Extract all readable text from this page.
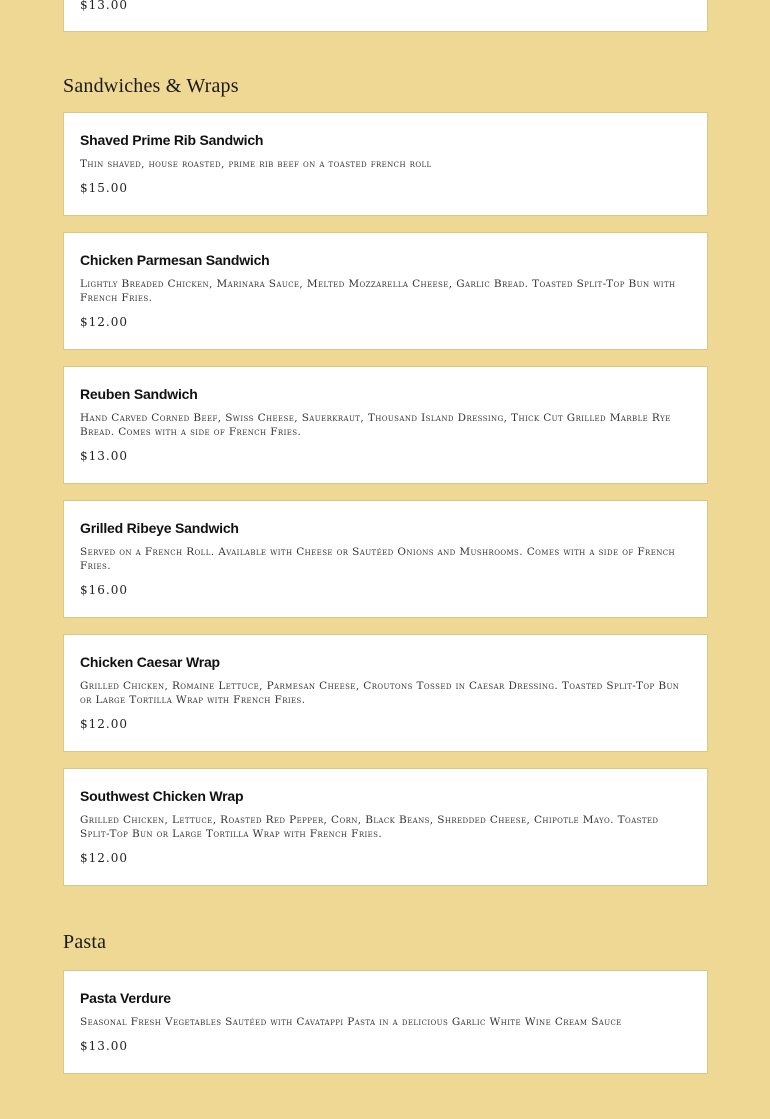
$13.00
Sandwiches & Wraps
Shaved Prime Rib Sandwich
Thin shaved, house roasted, prime rib beef on a toasted french roll
$15.00
Chicken Parmesan Sandwich
Lightly Breaded Chicken, Marinara Sauce, Melted Mozzarella Cheese, Garlic Bread. Toasted Split-Top Bun with French Fries.
$12.00
Reuben Sandwich
Hand Carved Corned Beef, Swiss Cheese, Sauerkraut, Thousand Island Dressing, Thick Cut Grilled Marble Rye Bread. Comes with a side of French Fries.
$13.00
Grilled Ribeye Sandwich
Served on a French Roll. Available with Cheese or Sautéed Onions and Mushrooms. Comes with a side of French Fries.
$16.00
Chicken Caesar Wrap
Grilled Chicken, Romaine Lettuce, Parmesan Cheese, Croutons Tossed in Caesar Dressing. Toasted Split-Top Bun or Large Tortilla Wrap with French Fries.
$12.00
Southwest Chicken Wrap
Grilled Chicken, Lettuce, Roasted Red Pepper, Corn, Black Beans, Shredded Cheese, Chipotle Mayo. Toasted Split-Top Bun or Large Tortilla Wrap with French Fries.
$12.00
Pasta
Pasta Verdure
Seasonal Fresh Vegetables Sautéed with Cavatappi Pasta in a delicious Garlic White Wine Cream Sauce
$13.00
